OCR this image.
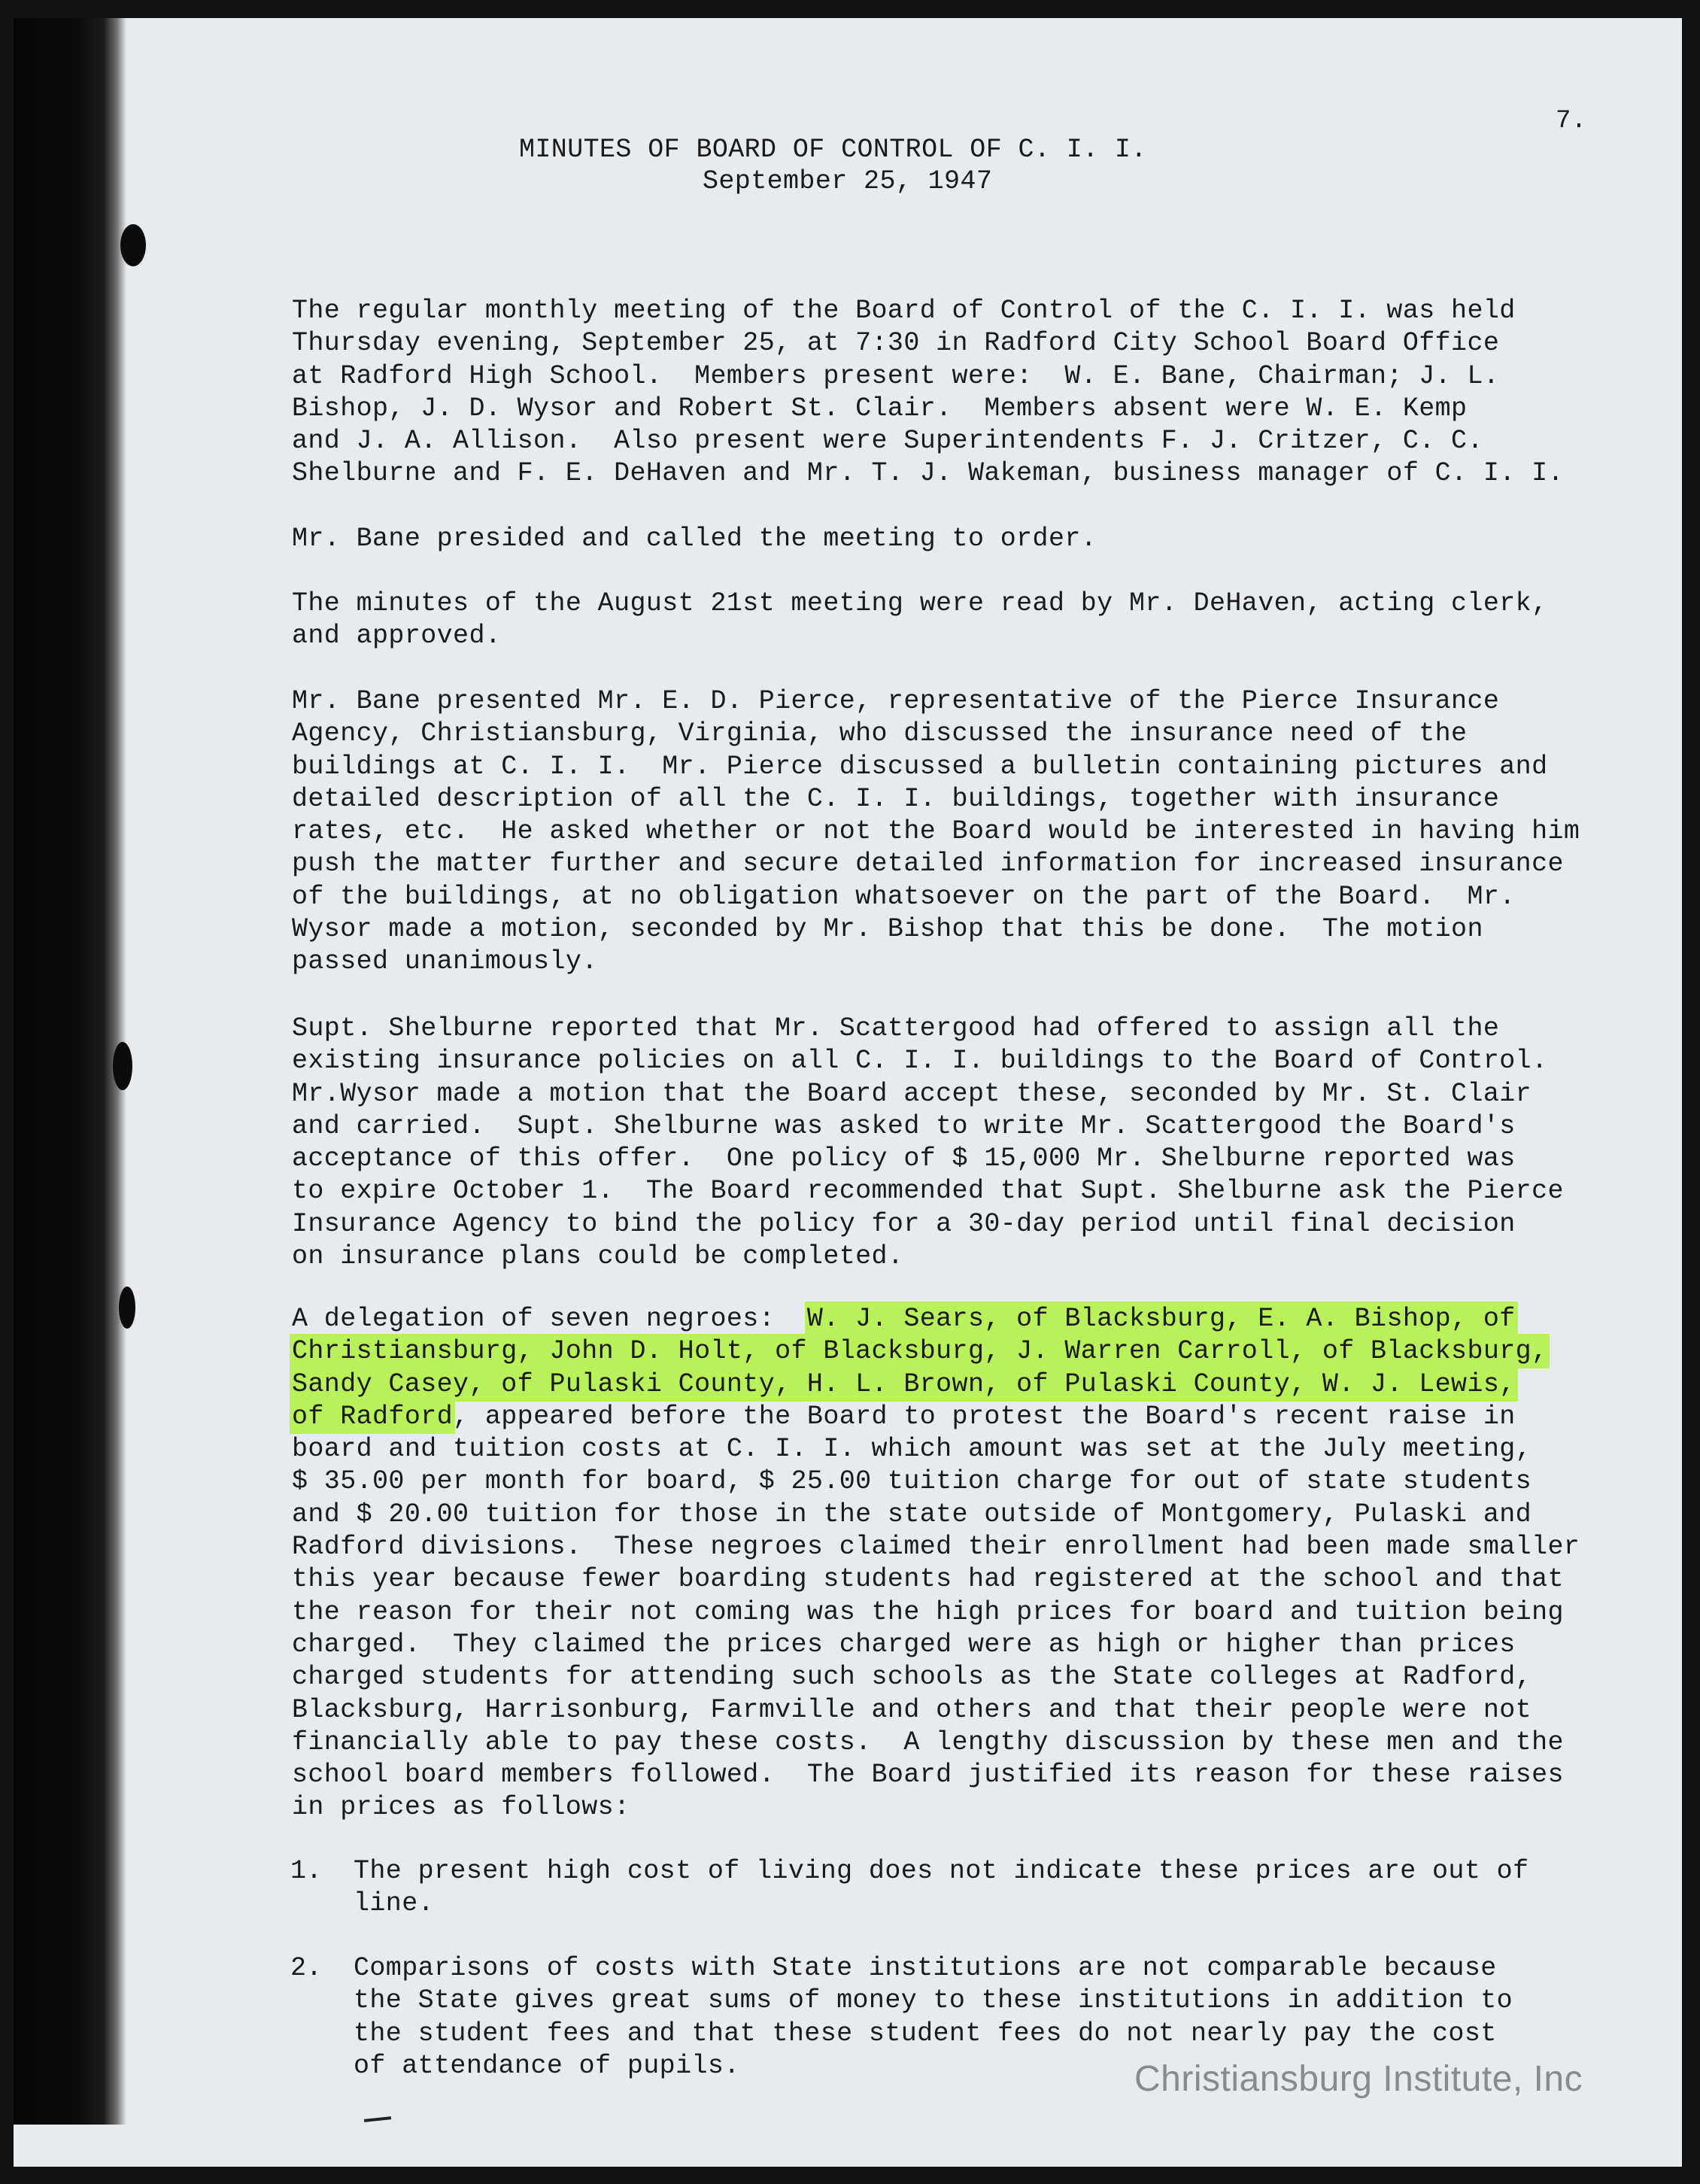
7.
MINUTES OF BOARD OF CONTROL OF C. I. I.
September 25, 1947
The regular monthly meeting of the Board of Control of the C. I. I. was held
Thursday evening, September 25, at 7:30 in Radford City School Board Office
at Radford High School.  Members present were:  W. E. Bane, Chairman; J. L.
Bishop, J. D. Wysor and Robert St. Clair.  Members absent were W. E. Kemp
and J. A. Allison.  Also present were Superintendents F. J. Critzer, C. C.
Shelburne and F. E. DeHaven and Mr. T. J. Wakeman, business manager of C. I. I.
Mr. Bane presided and called the meeting to order.
The minutes of the August 21st meeting were read by Mr. DeHaven, acting clerk,
and approved.
Mr. Bane presented Mr. E. D. Pierce, representative of the Pierce Insurance
Agency, Christiansburg, Virginia, who discussed the insurance need of the
buildings at C. I. I.  Mr. Pierce discussed a bulletin containing pictures and
detailed description of all the C. I. I. buildings, together with insurance
rates, etc.  He asked whether or not the Board would be interested in having him
push the matter further and secure detailed information for increased insurance
of the buildings, at no obligation whatsoever on the part of the Board.  Mr.
Wysor made a motion, seconded by Mr. Bishop that this be done.  The motion
passed unanimously.
Supt. Shelburne reported that Mr. Scattergood had offered to assign all the
existing insurance policies on all C. I. I. buildings to the Board of Control.
Mr.Wysor made a motion that the Board accept these, seconded by Mr. St. Clair
and carried.  Supt. Shelburne was asked to write Mr. Scattergood the Board's
acceptance of this offer.  One policy of $ 15,000 Mr. Shelburne reported was
to expire October 1.  The Board recommended that Supt. Shelburne ask the Pierce
Insurance Agency to bind the policy for a 30-day period until final decision
on insurance plans could be completed.
A delegation of seven negroes:  W. J. Sears, of Blacksburg, E. A. Bishop, of
Christiansburg, John D. Holt, of Blacksburg, J. Warren Carroll, of Blacksburg,
Sandy Casey, of Pulaski County, H. L. Brown, of Pulaski County, W. J. Lewis,
of Radford, appeared before the Board to protest the Board's recent raise in
board and tuition costs at C. I. I. which amount was set at the July meeting,
$ 35.00 per month for board, $ 25.00 tuition charge for out of state students
and $ 20.00 tuition for those in the state outside of Montgomery, Pulaski and
Radford divisions.  These negroes claimed their enrollment had been made smaller
this year because fewer boarding students had registered at the school and that
the reason for their not coming was the high prices for board and tuition being
charged.  They claimed the prices charged were as high or higher than prices
charged students for attending such schools as the State colleges at Radford,
Blacksburg, Harrisonburg, Farmville and others and that their people were not
financially able to pay these costs.  A lengthy discussion by these men and the
school board members followed.  The Board justified its reason for these raises
in prices as follows:
1. The present high cost of living does not indicate these prices are out of
line.
2. Comparisons of costs with State institutions are not comparable because
the State gives great sums of money to these institutions in addition to
the student fees and that these student fees do not nearly pay the cost
of attendance of pupils.	Christiansburg Institute, Inc
